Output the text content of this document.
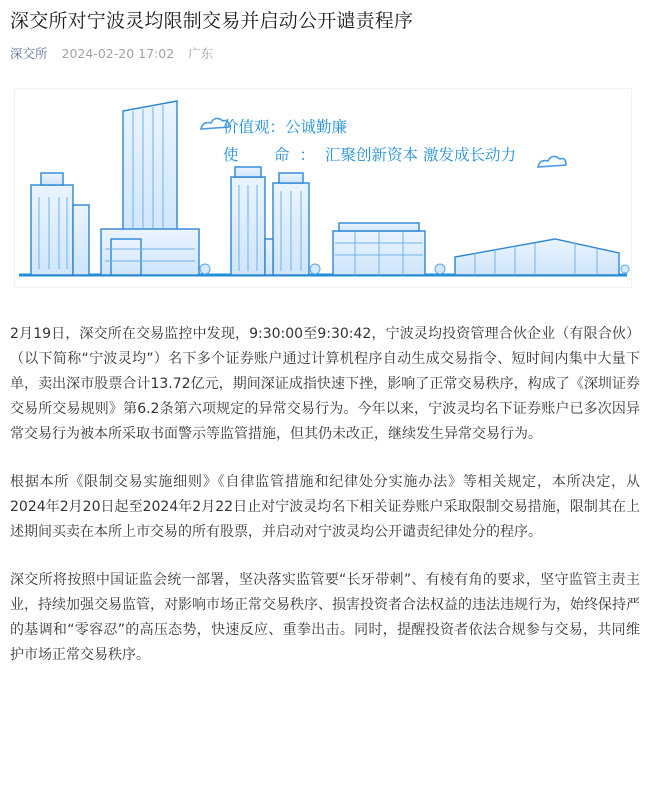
深交所对宁波灵均限制交易并启动公开谴责程序
深交所 2024-02-20 17:02 广东
价值观：公诚勤廉
使　命：汇聚创新资本 激发成长动力

2月19日，深交所在交易监控中发现，9:30:00至9:30:42，宁波灵均投资管理合伙企业（有限合伙）（以下简称“宁波灵均”）名下多个证券账户通过计算机程序自动生成交易指令、短时间内集中大量下单，卖出深市股票合计13.72亿元，期间深证成指快速下挫，影响了正常交易秩序，构成了《深圳证券交易所交易规则》第6.2条第六项规定的异常交易行为。今年以来，宁波灵均名下证券账户已多次因异常交易行为被本所采取书面警示等监管措施，但其仍未改正，继续发生异常交易行为。

根据本所《限制交易实施细则》《自律监管措施和纪律处分实施办法》等相关规定，本所决定，从2024年2月20日起至2024年2月22日止对宁波灵均名下相关证券账户采取限制交易措施，限制其在上述期间买卖在本所上市交易的所有股票，并启动对宁波灵均公开谴责纪律处分的程序。

深交所将按照中国证监会统一部署，坚决落实监管要“长牙带刺”、有棱有角的要求，坚守监管主责主业，持续加强交易监管，对影响市场正常交易秩序、损害投资者合法权益的违法违规行为，始终保持严的基调和“零容忍”的高压态势，快速反应、重拳出击。同时，提醒投资者依法合规参与交易，共同维护市场正常交易秩序。
